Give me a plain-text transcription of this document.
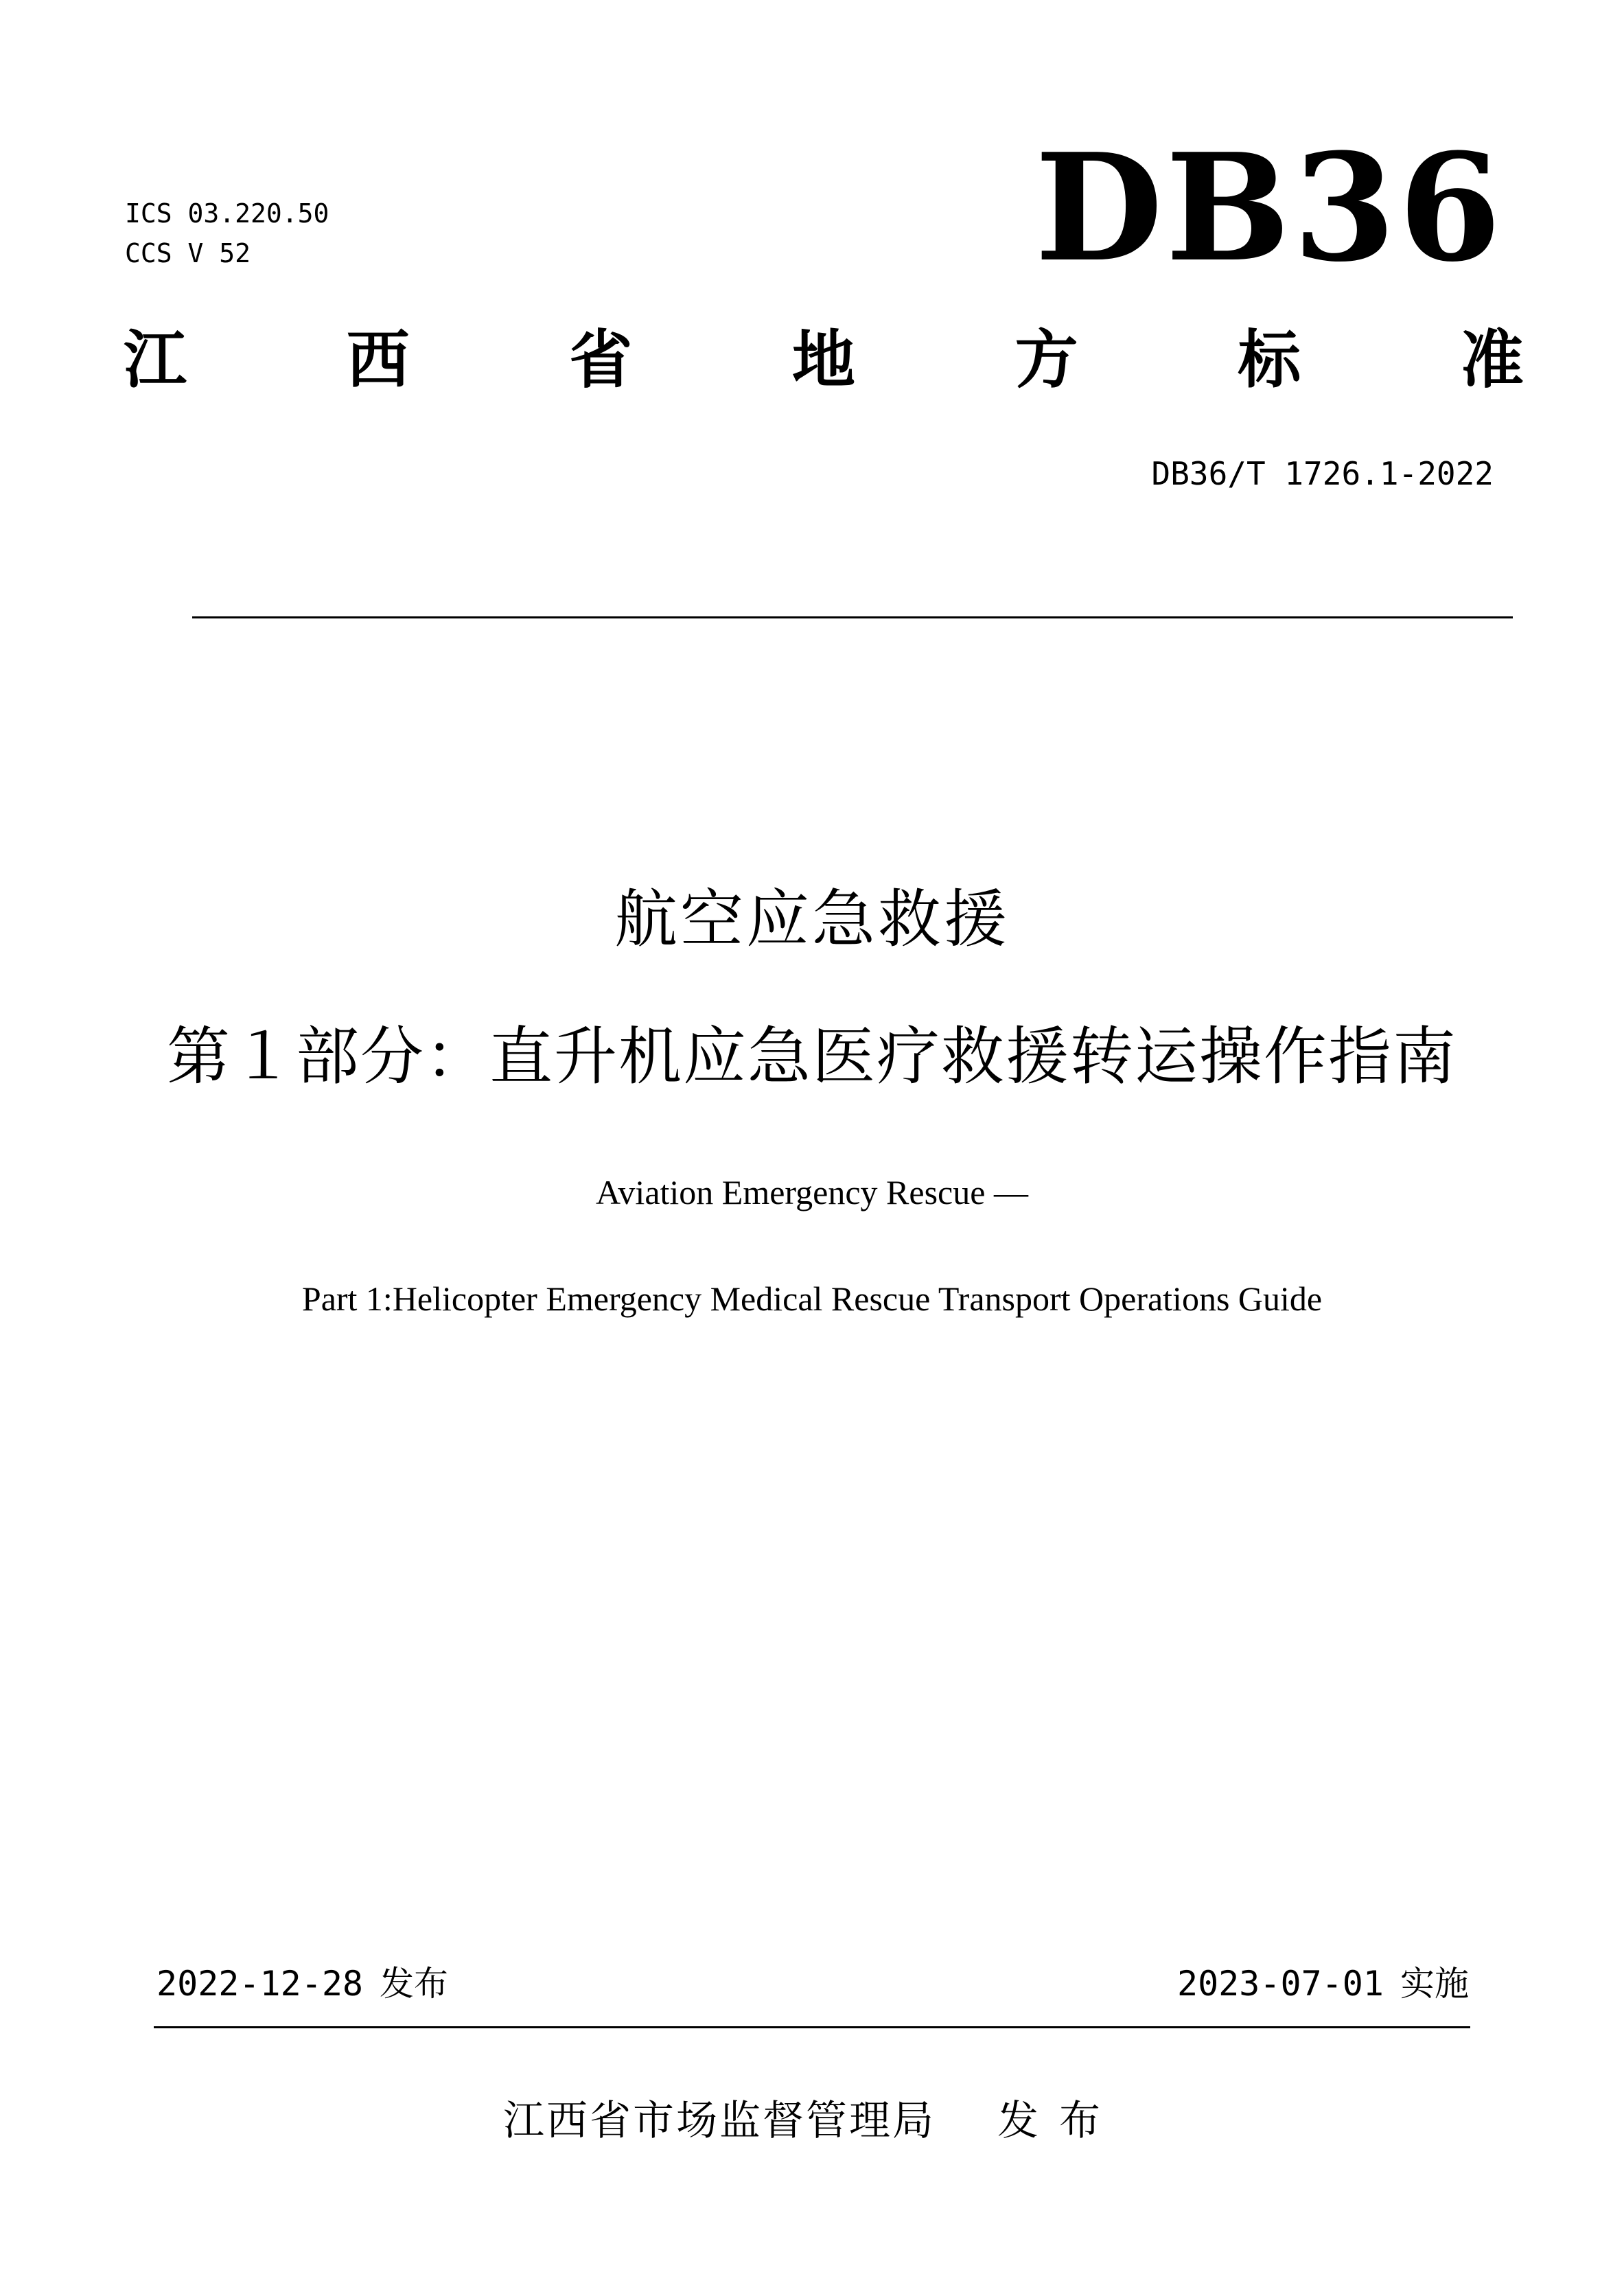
ICS 03.220.50
CCS V 52	DB36
江	西	省	地	方	标	准
DB36/T 1726.1-2022
航空应急救援
第１部分：直升机应急医疗救援转运操作指南
Aviation Emergency Rescue —
Part 1:Helicopter Emergency Medical Rescue Transport Operations Guide
2022-12-28 发布	2023-07-01 实施
江西省市场监督管理局 发布
